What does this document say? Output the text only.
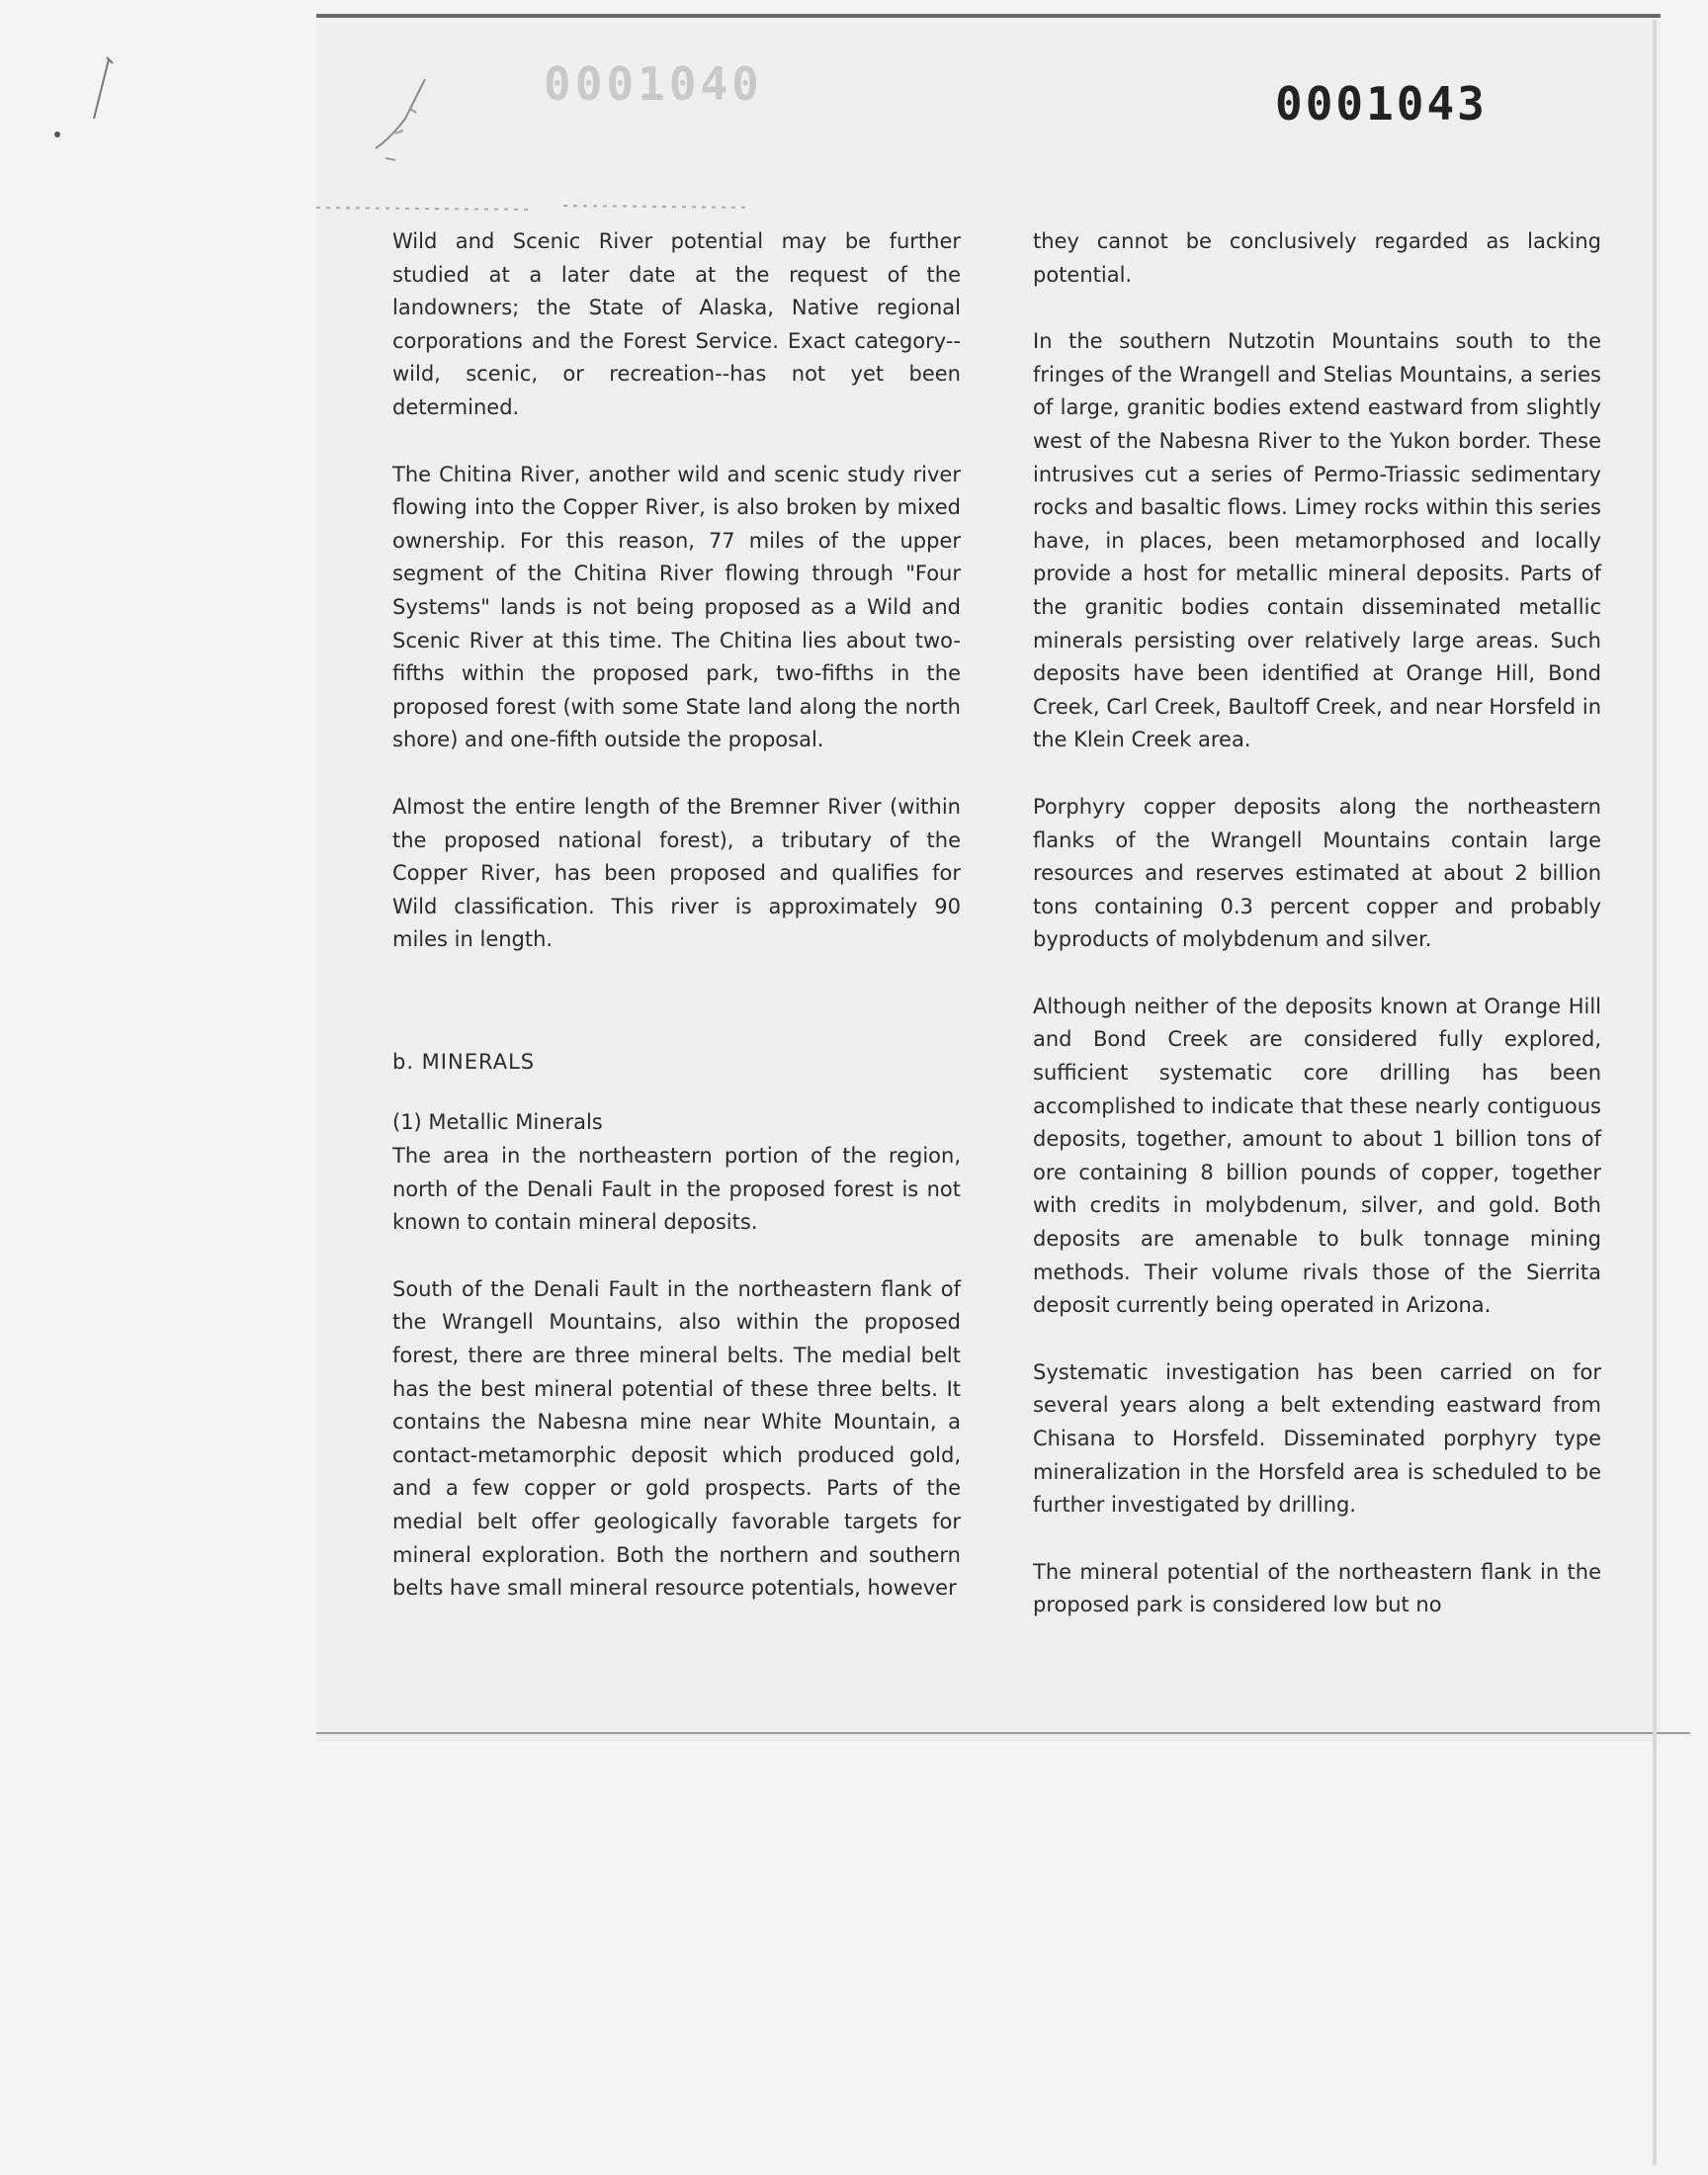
0001040	0001043

Wild and Scenic River potential may be further studied at a later date at the request of the landowners; the State of Alaska, Native regional corporations and the Forest Service. Exact category--wild, scenic, or recreation--has not yet been determined.

The Chitina River, another wild and scenic study river flowing into the Copper River, is also broken by mixed ownership. For this reason, 77 miles of the upper segment of the Chitina River flowing through "Four Systems" lands is not being proposed as a Wild and Scenic River at this time. The Chitina lies about two-fifths within the proposed park, two-fifths in the proposed forest (with some State land along the north shore) and one-fifth outside the proposal.

Almost the entire length of the Bremner River (within the proposed national forest), a tributary of the Copper River, has been proposed and qualifies for Wild classification. This river is approximately 90 miles in length.

b. MINERALS
(1) Metallic Minerals

The area in the northeastern portion of the region, north of the Denali Fault in the proposed forest is not known to contain mineral deposits.

South of the Denali Fault in the northeastern flank of the Wrangell Mountains, also within the proposed forest, there are three mineral belts. The medial belt has the best mineral potential of these three belts. It contains the Nabesna mine near White Mountain, a contact-metamorphic deposit which produced gold, and a few copper or gold prospects. Parts of the medial belt offer geologically favorable targets for mineral exploration. Both the northern and southern belts have small mineral resource potentials, however

they cannot be conclusively regarded as lacking potential.

In the southern Nutzotin Mountains south to the fringes of the Wrangell and Stelias Mountains, a series of large, granitic bodies extend eastward from slightly west of the Nabesna River to the Yukon border. These intrusives cut a series of Permo-Triassic sedimentary rocks and basaltic flows. Limey rocks within this series have, in places, been metamorphosed and locally provide a host for metallic mineral deposits. Parts of the granitic bodies contain disseminated metallic minerals persisting over relatively large areas. Such deposits have been identified at Orange Hill, Bond Creek, Carl Creek, Baultoff Creek, and near Horsfeld in the Klein Creek area.

Porphyry copper deposits along the northeastern flanks of the Wrangell Mountains contain large resources and reserves estimated at about 2 billion tons containing 0.3 percent copper and probably byproducts of molybdenum and silver.

Although neither of the deposits known at Orange Hill and Bond Creek are considered fully explored, sufficient systematic core drilling has been accomplished to indicate that these nearly contiguous deposits, together, amount to about 1 billion tons of ore containing 8 billion pounds of copper, together with credits in molybdenum, silver, and gold. Both deposits are amenable to bulk tonnage mining methods. Their volume rivals those of the Sierrita deposit currently being operated in Arizona.

Systematic investigation has been carried on for several years along a belt extending eastward from Chisana to Horsfeld. Disseminated porphyry type mineralization in the Horsfeld area is scheduled to be further investigated by drilling.

The mineral potential of the northeastern flank in the proposed park is considered low but no
